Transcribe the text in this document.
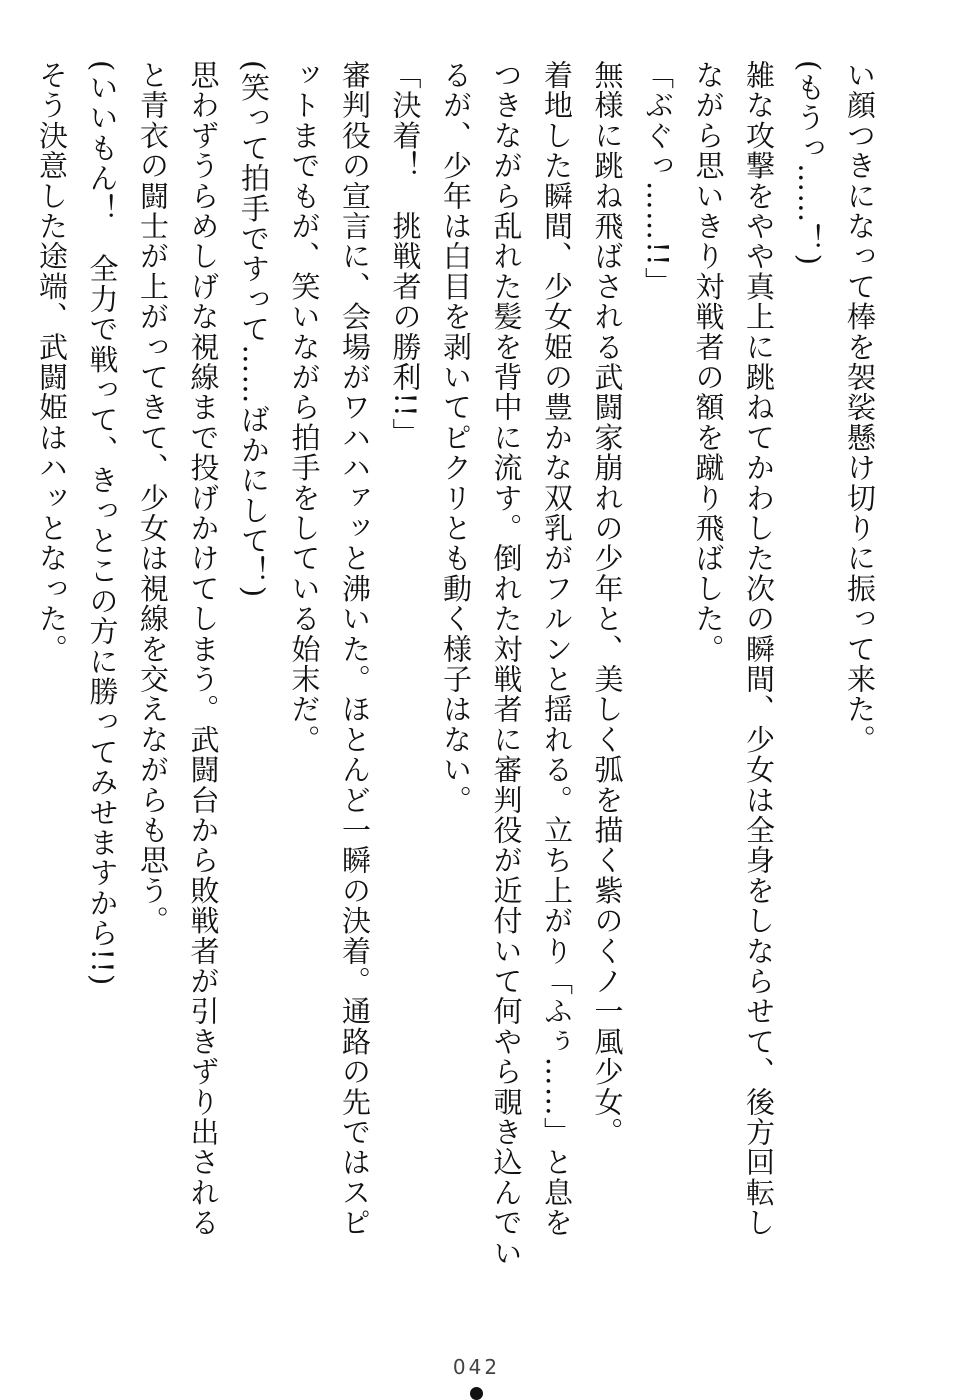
い顔つきになって棒を袈裟懸け切りに振って来た。
(もうっ……！)
雑な攻撃をやや真上に跳ねてかわした次の瞬間、少女は全身をしならせて、後方回転し
ながら思いきり対戦者の額を蹴り飛ばした。
「ぶぐっ……!!」
無様に跳ね飛ばされる武闘家崩れの少年と、美しく弧を描く紫のくノ一風少女。
着地した瞬間、少女姫の豊かな双乳がフルンと揺れる。立ち上がり「ふぅ……」と息を
つきながら乱れた髪を背中に流す。倒れた対戦者に審判役が近付いて何やら覗き込んでい
るが、少年は白目を剥いてピクリとも動く様子はない。
「決着！　挑戦者の勝利!!」
審判役の宣言に、会場がワハハァッと沸いた。ほとんど一瞬の決着。通路の先ではスピ
ットまでもが、笑いながら拍手をしている始末だ。
(笑って拍手ですって……ばかにして！)
思わずうらめしげな視線まで投げかけてしまう。武闘台から敗戦者が引きずり出される
と青衣の闘士が上がってきて、少女は視線を交えながらも思う。
(いいもん！　全力で戦って、きっとこの方に勝ってみせますから!!)
そう決意した途端、武闘姫はハッとなった。
042
